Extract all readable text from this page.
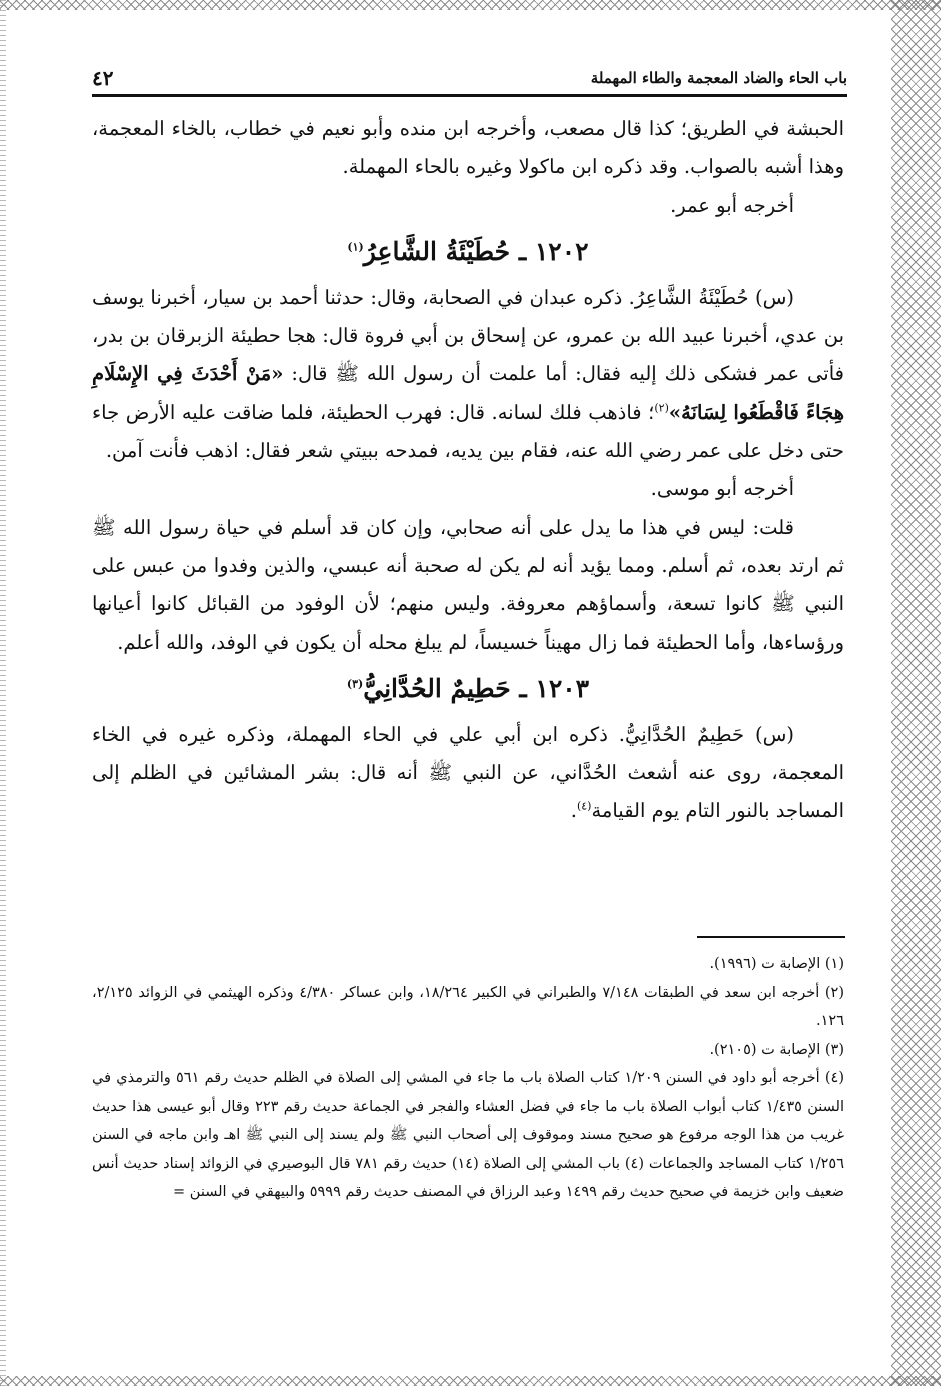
باب الحاء والضاد المعجمة والطاء المهملة
٤٢

الحبشة في الطريق؛ كذا قال مصعب، وأخرجه ابن منده وأبو نعيم في خطاب، بالخاء المعجمة، وهذا أشبه بالصواب. وقد ذكره ابن ماكولا وغيره بالحاء المهملة.

أخرجه أبو عمر.

١٢٠٢ ـ حُطَيْئَةُ الشَّاعِرُ$^{(١)}$

(س) حُطَيْئَةُ الشَّاعِرُ. ذكره عبدان في الصحابة، وقال: حدثنا أحمد بن سيار، أخبرنا يوسف بن عدي، أخبرنا عبيد الله بن عمرو، عن إسحاق بن أبي فروة قال: هجا حطيئة الزبرقان بن بدر، فأتى عمر فشكى ذلك إليه فقال: أما علمت أن رسول الله ﷺ قال: «مَنْ أَحْدَثَ فِي الإِسْلَامِ هِجَاءً فَاقْطَعُوا لِسَانَهُ»$^{(٢)}$؛ فاذهب فلك لسانه. قال: فهرب الحطيئة، فلما ضاقت عليه الأرض جاء حتى دخل على عمر رضي الله عنه، فقام بين يديه، فمدحه ببيتي شعر فقال: اذهب فأنت آمن.

أخرجه أبو موسى.

قلت: ليس في هذا ما يدل على أنه صحابي، وإن كان قد أسلم في حياة رسول الله ﷺ ثم ارتد بعده، ثم أسلم. ومما يؤيد أنه لم يكن له صحبة أنه عبسي، والذين وفدوا من عبس على النبي ﷺ كانوا تسعة، وأسماؤهم معروفة. وليس منهم؛ لأن الوفود من القبائل كانوا أعيانها ورؤساءها، وأما الحطيئة فما زال مهيناً خسيساً، لم يبلغ محله أن يكون في الوفد، والله أعلم.

١٢٠٣ ـ حَطِيمٌ الحُدَّانِيُّ$^{(٣)}$

(س) حَطِيمٌ الحُدَّانِيُّ. ذكره ابن أبي علي في الحاء المهملة، وذكره غيره في الخاء المعجمة، روى عنه أشعث الحُدَّاني، عن النبي ﷺ أنه قال: بشر المشائين في الظلم إلى المساجد بالنور التام يوم القيامة$^{(٤)}$.

(١) الإصابة ت (١٩٩٦).

(٢) أخرجه ابن سعد في الطبقات ٧/١٤٨ والطبراني في الكبير ١٨/٢٦٤، وابن عساكر ٤/٣٨٠ وذكره الهيثمي في الزوائد ٢/١٢٥، ١٢٦.

(٣) الإصابة ت (٢١٠٥).

(٤) أخرجه أبو داود في السنن ١/٢٠٩ كتاب الصلاة باب ما جاء في المشي إلى الصلاة في الظلم حديث رقم ٥٦١ والترمذي في السنن ١/٤٣٥ كتاب أبواب الصلاة باب ما جاء في فضل العشاء والفجر في الجماعة حديث رقم ٢٢٣ وقال أبو عيسى هذا حديث غريب من هذا الوجه مرفوع هو صحيح مسند وموقوف إلى أصحاب النبي ﷺ ولم يسند إلى النبي ﷺ اهـ وابن ماجه في السنن ١/٢٥٦ كتاب المساجد والجماعات (٤) باب المشي إلى الصلاة (١٤) حديث رقم ٧٨١ قال البوصيري في الزوائد إسناد حديث أنس ضعيف وابن خزيمة في صحيح حديث رقم ١٤٩٩ وعبد الرزاق في المصنف حديث رقم ٥٩٩٩ والبيهقي في السنن =
